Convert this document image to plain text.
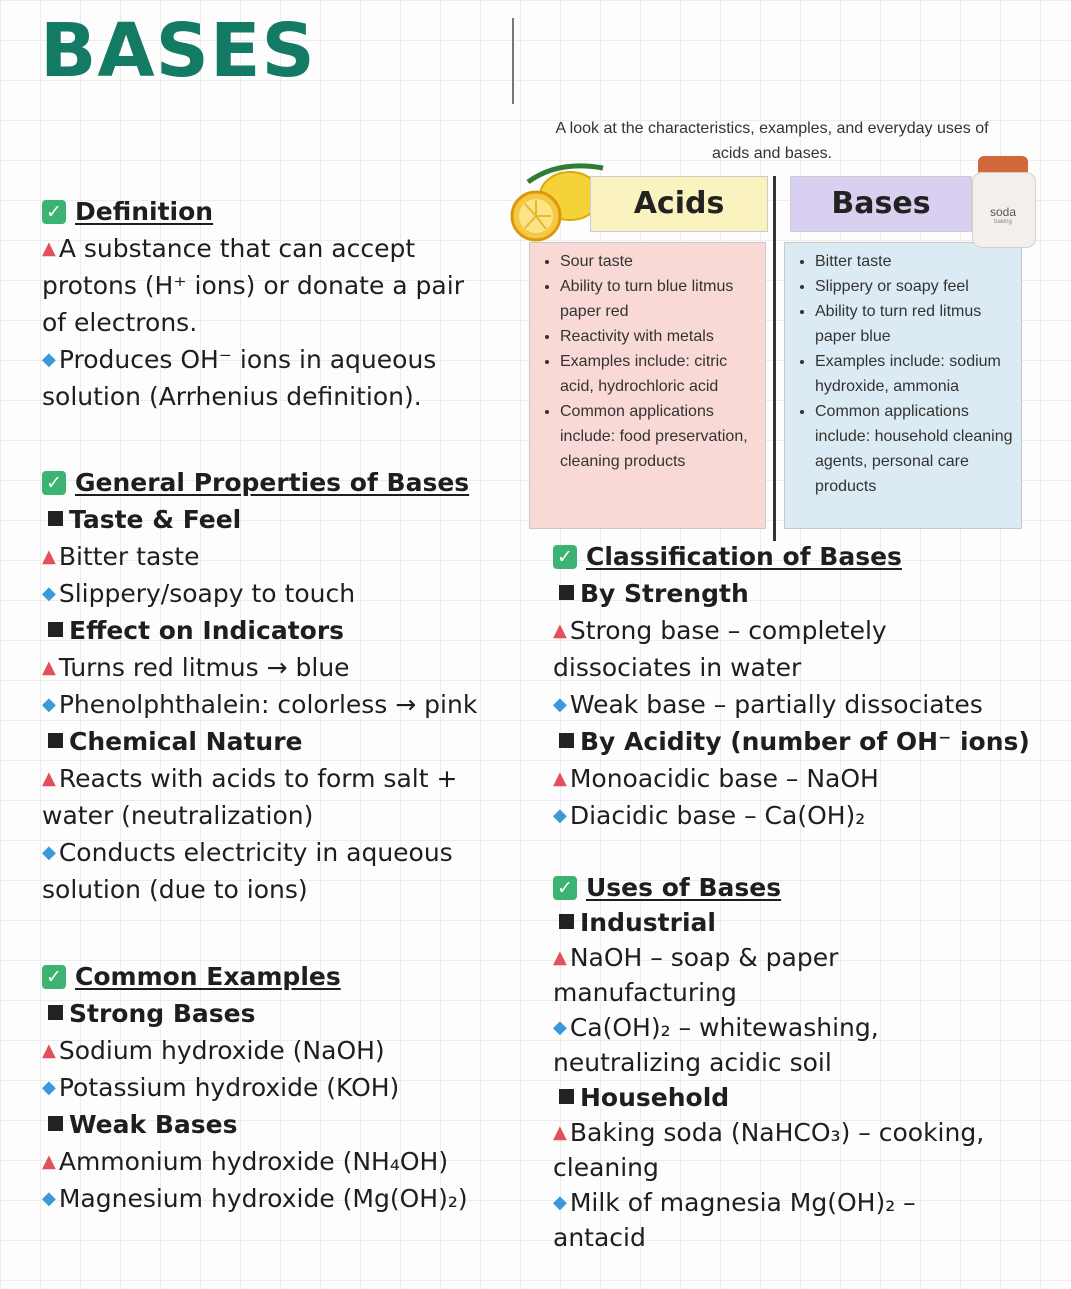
BASES
A look at the characteristics, examples, and everyday uses of acids and bases.
Acids
• Sour taste
• Ability to turn blue litmus paper red
• Reactivity with metals
• Examples include: citric acid, hydrochloric acid
• Common applications include: food preservation, cleaning products
Bases
• Bitter taste
• Slippery or soapy feel
• Ability to turn red litmus paper blue
• Examples include: sodium hydroxide, ammonia
• Common applications include: household cleaning agents, personal care products
soda
baking
✓ Definition
▲ A substance that can accept
protons (H⁺ ions) or donate a pair
of electrons.
◆ Produces OH⁻ ions in aqueous
solution (Arrhenius definition).
✓ General Properties of Bases
Taste & Feel
▲ Bitter taste
◆ Slippery/soapy to touch
Effect on Indicators
▲ Turns red litmus → blue
◆ Phenolphthalein: colorless → pink
Chemical Nature
▲ Reacts with acids to form salt +
water (neutralization)
◆ Conducts electricity in aqueous
solution (due to ions)
✓ Common Examples
Strong Bases
▲ Sodium hydroxide (NaOH)
◆ Potassium hydroxide (KOH)
Weak Bases
▲ Ammonium hydroxide (NH₄OH)
◆ Magnesium hydroxide (Mg(OH)₂)
✓ Classification of Bases
By Strength
▲ Strong base – completely
dissociates in water
◆ Weak base – partially dissociates
By Acidity (number of OH⁻ ions)
▲ Monoacidic base – NaOH
◆ Diacidic base – Ca(OH)₂
✓ Uses of Bases
Industrial
▲ NaOH – soap & paper
manufacturing
◆ Ca(OH)₂ – whitewashing,
neutralizing acidic soil
Household
▲ Baking soda (NaHCO₃) – cooking,
cleaning
◆ Milk of magnesia Mg(OH)₂ –
antacid
